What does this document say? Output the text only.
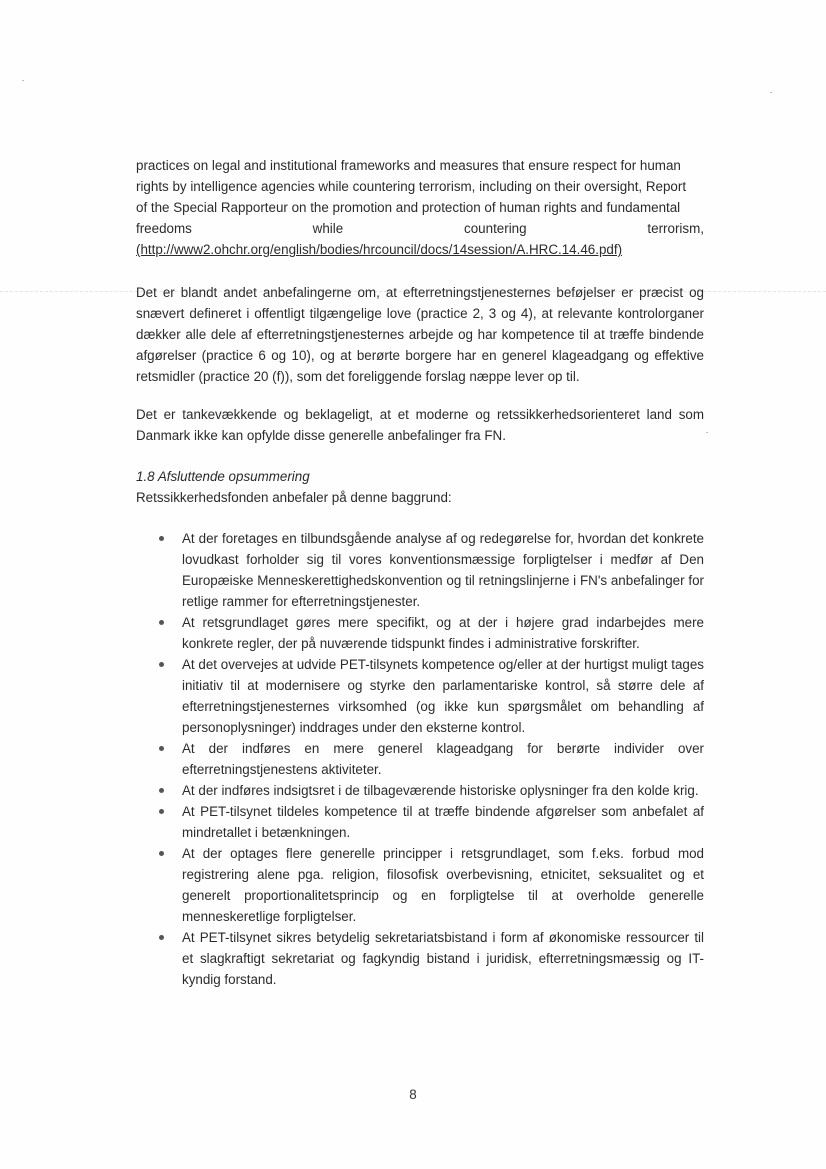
practices on legal and institutional frameworks and measures that ensure respect for human
rights by intelligence agencies while countering terrorism, including on their oversight, Report
of the Special Rapporteur on the promotion and protection of human rights and fundamental
freedoms	while	countering	terrorism,
(http://www2.ohchr.org/english/bodies/hrcouncil/docs/14session/A.HRC.14.46.pdf)
Det er blandt andet anbefalingerne om, at efterretningstjenesternes beføjelser er præcist og snævert defineret i offentligt tilgængelige love (practice 2, 3 og 4), at relevante kontrolorganer dækker alle dele af efterretningstjenesternes arbejde og har kompetence til at træffe bindende afgørelser (practice 6 og 10), og at berørte borgere har en generel klageadgang og effektive retsmidler (practice 20 (f)), som det foreliggende forslag næppe lever op til.
Det er tankevækkende og beklageligt, at et moderne og retssikkerhedsorienteret land som Danmark ikke kan opfylde disse generelle anbefalinger fra FN.
1.8 Afsluttende opsummering
Retssikkerhedsfonden anbefaler på denne baggrund:
At der foretages en tilbundsgående analyse af og redegørelse for, hvordan det konkrete lovudkast forholder sig til vores konventionsmæssige forpligtelser i medfør af Den Europæiske Menneskerettighedskonvention og til retningslinjerne i FN's anbefalinger for retlige rammer for efterretningstjenester.
At retsgrundlaget gøres mere specifikt, og at der i højere grad indarbejdes mere konkrete regler, der på nuværende tidspunkt findes i administrative forskrifter.
At det overvejes at udvide PET-tilsynets kompetence og/eller at der hurtigst muligt tages initiativ til at modernisere og styrke den parlamentariske kontrol, så større dele af efterretningstjenesternes virksomhed (og ikke kun spørgsmålet om behandling af personoplysninger) inddrages under den eksterne kontrol.
At der indføres en mere generel klageadgang for berørte individer over efterretningstjenestens aktiviteter.
At der indføres indsigtsret i de tilbageværende historiske oplysninger fra den kolde krig.
At PET-tilsynet tildeles kompetence til at træffe bindende afgørelser som anbefalet af mindretallet i betænkningen.
At der optages flere generelle principper i retsgrundlaget, som f.eks. forbud mod registrering alene pga. religion, filosofisk overbevisning, etnicitet, seksualitet og et generelt proportionalitetsprincip og en forpligtelse til at overholde generelle menneskeretlige forpligtelser.
At PET-tilsynet sikres betydelig sekretariatsbistand i form af økonomiske ressourcer til et slagkraftigt sekretariat og fagkyndig bistand i juridisk, efterretningsmæssig og IT-kyndig forstand.
8
